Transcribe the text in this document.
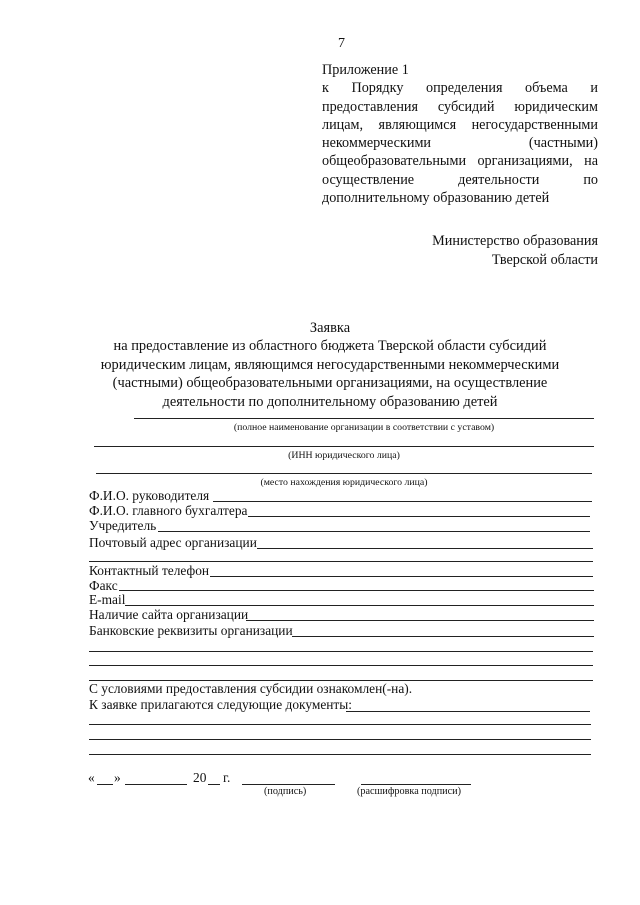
7
Приложение 1
к Порядку определения объема и предоставления субсидий юридическим лицам, являющимся негосударственными некоммерческими (частными) общеобразовательными организациями, на осуществление деятельности по дополнительному образованию детей
Министерство образования
Тверской области
Заявка
на предоставление из областного бюджета Тверской области субсидий
юридическим лицам, являющимся негосударственными некоммерческими
(частными) общеобразовательными организациями, на осуществление
деятельности по дополнительному образованию детей
(полное наименование организации в соответствии с уставом)
(ИНН юридического лица)
(место нахождения юридического лица)
Ф.И.О. руководителя
Ф.И.О. главного бухгалтера
Учредитель
Почтовый адрес организации
Контактный телефон
Факс
E-mail
Наличие сайта организации
Банковские реквизиты организации
С условиями предоставления субсидии ознакомлен(-на).
К заявке прилагаются следующие документы:
« »	20 г.
(подпись)	(расшифровка подписи)
